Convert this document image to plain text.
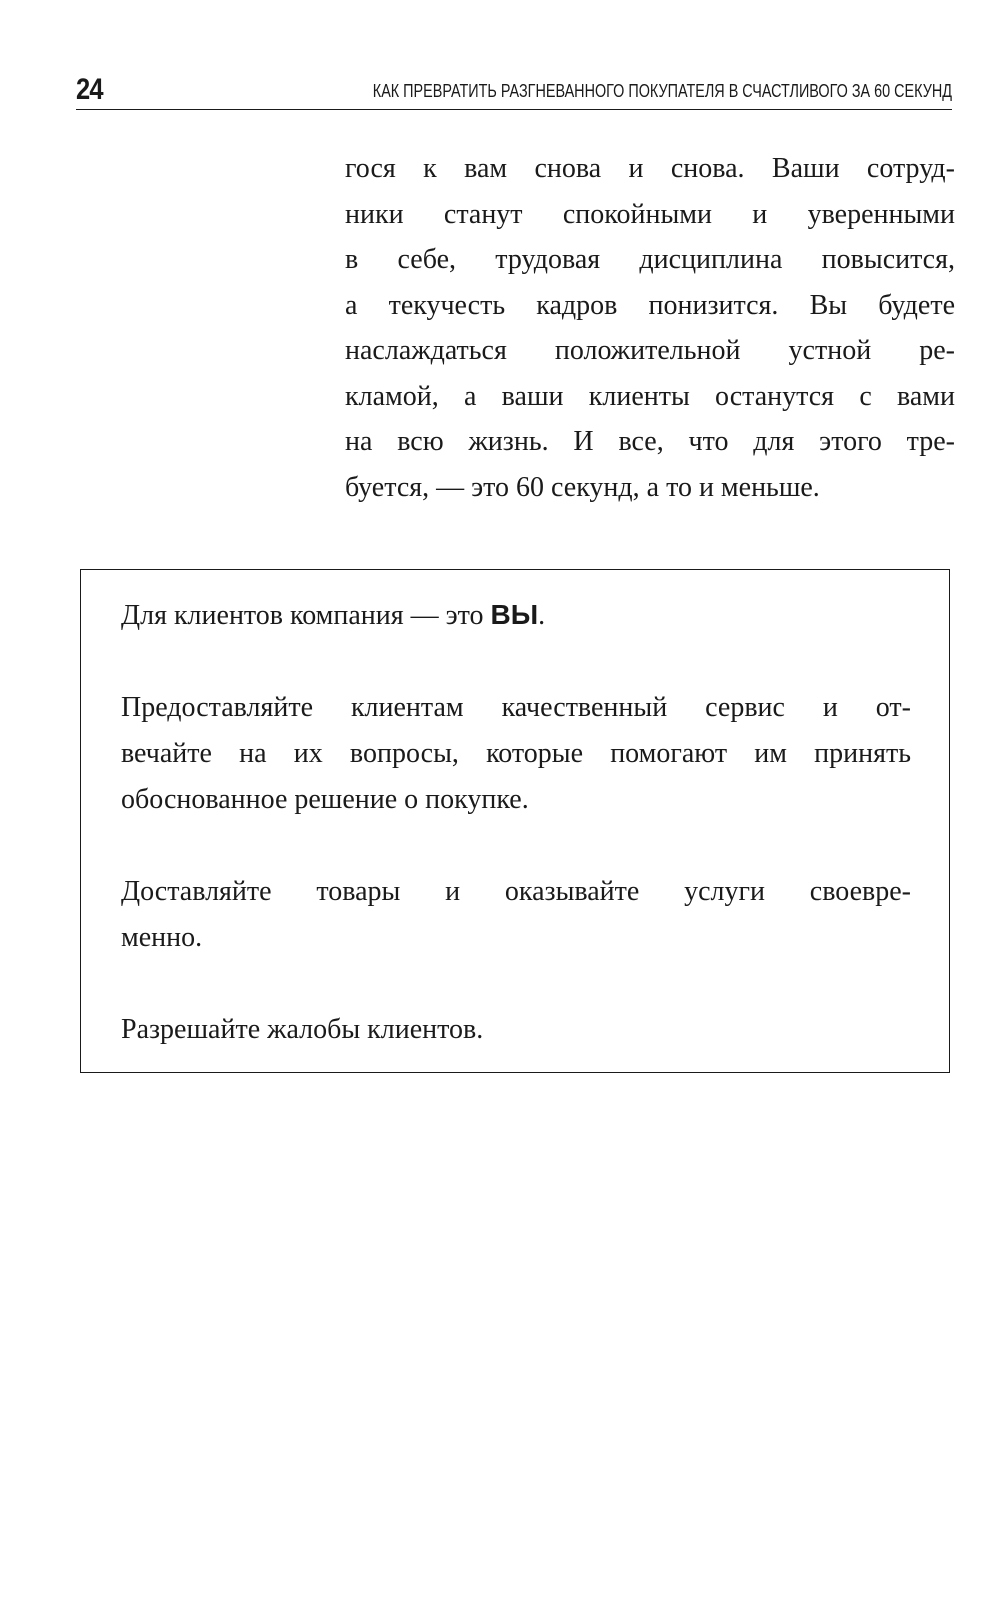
24	КАК ПРЕВРАТИТЬ РАЗГНЕВАННОГО ПОКУПАТЕЛЯ В СЧАСТЛИВОГО ЗА 60 СЕКУНД
гося к вам снова и снова. Ваши сотруд-
ники станут спокойными и уверенными
в себе, трудовая дисциплина повысится,
а текучесть кадров понизится. Вы будете
наслаждаться положительной устной ре-
кламой, а ваши клиенты останутся с вами
на всю жизнь. И все, что для этого тре-
буется, — это 60 секунд, а то и меньше.

Для клиентов компания — это ВЫ.

Предоставляйте клиентам качественный сервис и от-
вечайте на их вопросы, которые помогают им принять
обоснованное решение о покупке.

Доставляйте товары и оказывайте услуги своевре-
менно.

Разрешайте жалобы клиентов.
